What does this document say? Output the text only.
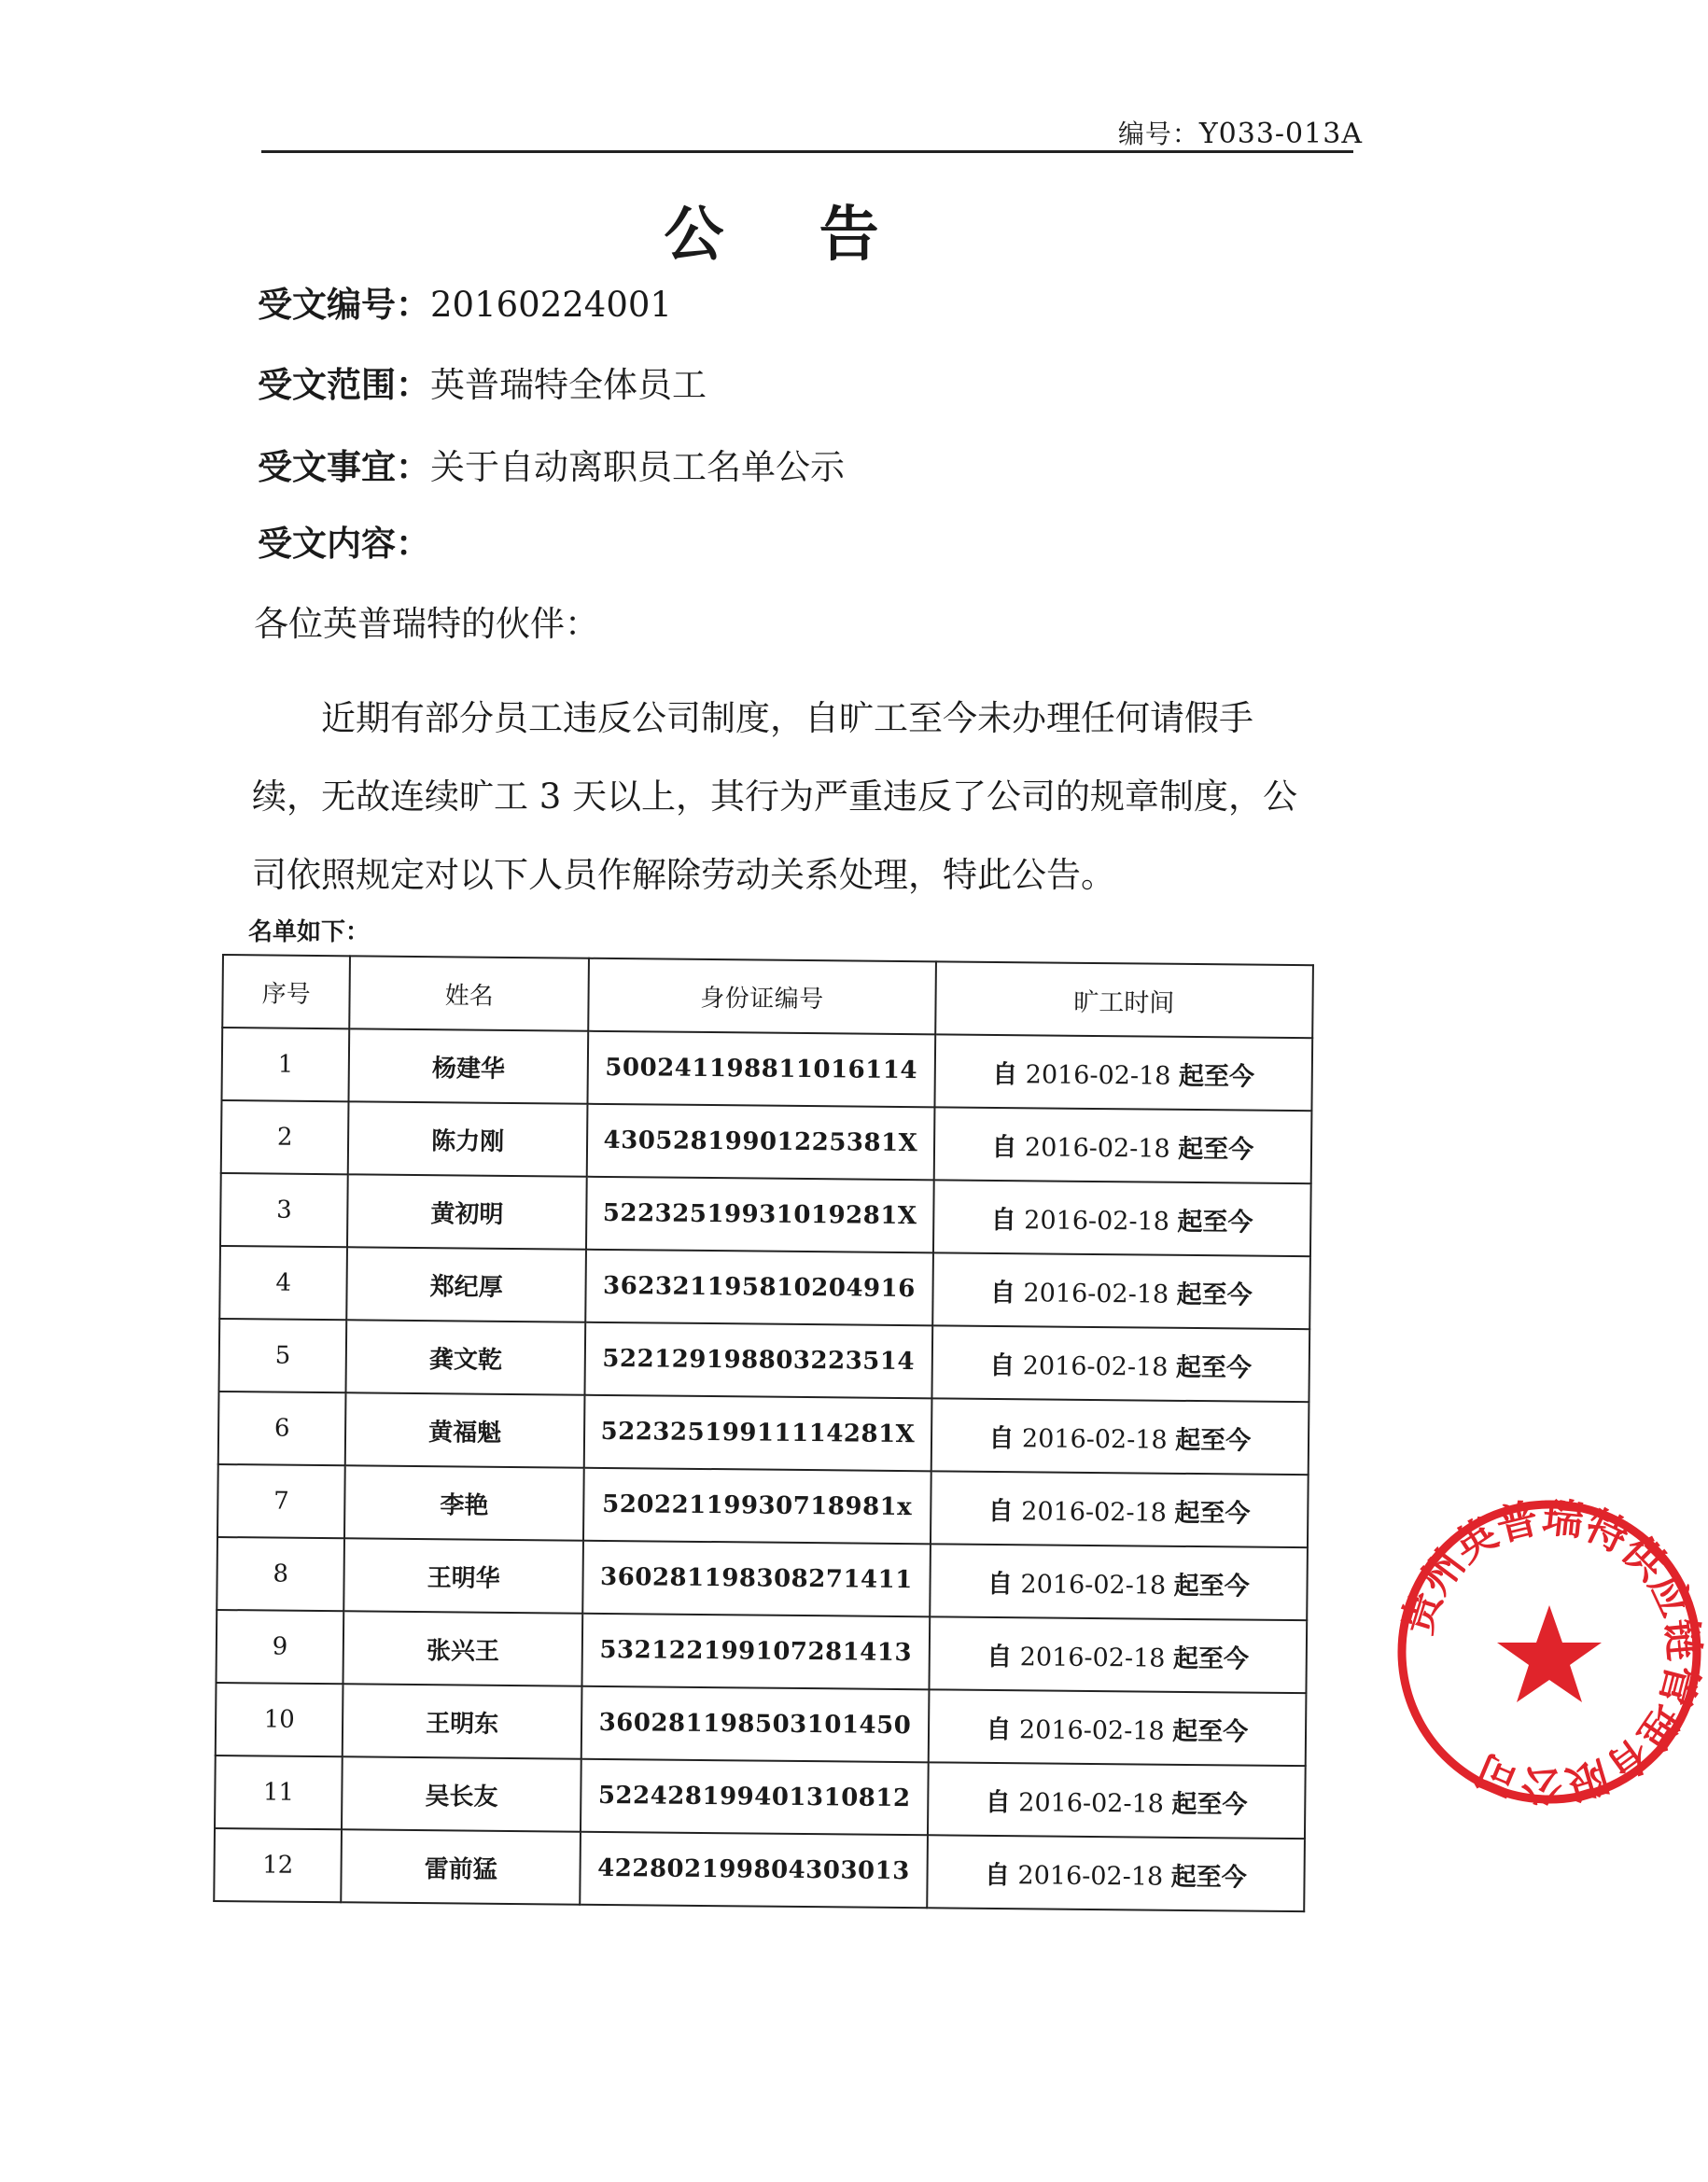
编号：Y033-013A
公 告
受文编号：20160224001
受文范围：英普瑞特全体员工
受文事宜：关于自动离职员工名单公示
受文内容：
各位英普瑞特的伙伴：
近期有部分员工违反公司制度，自旷工至今未办理任何请假手
续，无故连续旷工 3 天以上，其行为严重违反了公司的规章制度，公
司依照规定对以下人员作解除劳动关系处理，特此公告。
名单如下：
序号	姓名	身份证编号	旷工时间
1	杨建华	500241198811016114	自 2016-02-18 起至今
2	陈力刚	43052819901225381X	自 2016-02-18 起至今
3	黄初明	52232519931019281X	自 2016-02-18 起至今
4	郑纪厚	362321195810204916	自 2016-02-18 起至今
5	龚文乾	522129198803223514	自 2016-02-18 起至今
6	黄福魁	52232519911114281X	自 2016-02-18 起至今
7	李艳	52022119930718981x	自 2016-02-18 起至今
8	王明华	360281198308271411	自 2016-02-18 起至今
9	张兴王	532122199107281413	自 2016-02-18 起至今
10	王明东	360281198503101450	自 2016-02-18 起至今
11	吴长友	522428199401310812	自 2016-02-18 起至今
12	雷前猛	422802199804303013	自 2016-02-18 起至今
贵州英普瑞特供应链管理有限公司
